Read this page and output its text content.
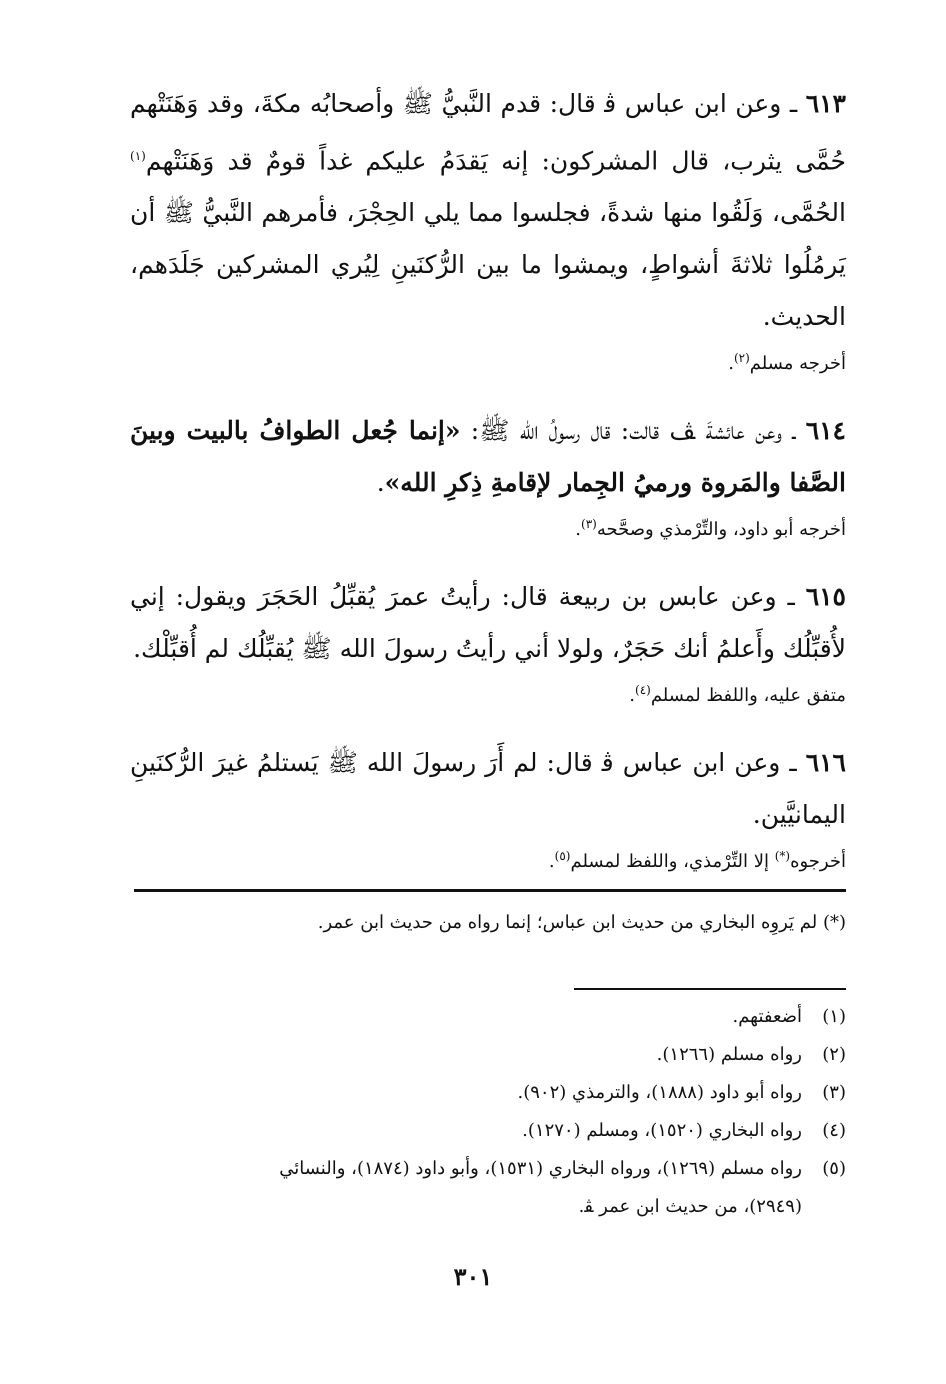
٦١٣ ـ وعن ابن عباس ﭬ قال: قدم النَّبيُّ ﷺ وأصحابُه مكةَ، وقد وَهَنَتْهم حُمَّى يثرب، قال المشركون: إنه يَقدَمُ عليكم غداً قومٌ قد وَهَنَتْهم$^{(١)}$ الحُمَّى، وَلَقُوا منها شدةً، فجلسوا مما يلي الحِجْرَ، فأمرهم النَّبيُّ ﷺ أن يَرمُلُوا ثلاثةَ أشواطٍ، ويمشوا ما بين الرُّكنَينِ لِيُري المشركين جَلَدَهم، الحديث.
أخرجه مسلم$^{(٢)}$.
٦١٤ ـ وعن عائشةَ ﭫ قالت: قال رسولُ الله ﷺ: «إنما جُعل الطوافُ بالبيت وبينَ الصَّفا والمَروة ورميُ الجِمار لإقامةِ ذِكرِ الله».
أخرجه أبو داود، والتِّرْمذي وصحَّحه$^{(٣)}$.
٦١٥ ـ وعن عابس بن ربيعة قال: رأيتُ عمرَ يُقبِّلُ الحَجَرَ ويقول: إني لأُقبِّلُك وأَعلمُ أنك حَجَرٌ، ولولا أني رأيتُ رسولَ الله ﷺ يُقبِّلُك لم أُقبِّلْك.
متفق عليه، واللفظ لمسلم$^{(٤)}$.
٦١٦ ـ وعن ابن عباس ﭬ قال: لم أَرَ رسولَ الله ﷺ يَستلمُ غيرَ الرُّكنَينِ اليمانيَّين.
أخرجوه(*) إلا التِّرْمذي، واللفظ لمسلم$^{(٥)}$.
(*) لم يَروِه البخاري من حديث ابن عباس؛ إنما رواه من حديث ابن عمر.
(١)أضعفتهم.
(٢)رواه مسلم (١٢٦٦).
(٣)رواه أبو داود (١٨٨٨)، والترمذي (٩٠٢).
(٤)رواه البخاري (١٥٢٠)، ومسلم (١٢٧٠).
(٥)رواه مسلم (١٢٦٩)، ورواه البخاري (١٥٣١)، وأبو داود (١٨٧٤)، والنسائي
(٢٩٤٩)، من حديث ابن عمر ﭭ.
٣٠١
